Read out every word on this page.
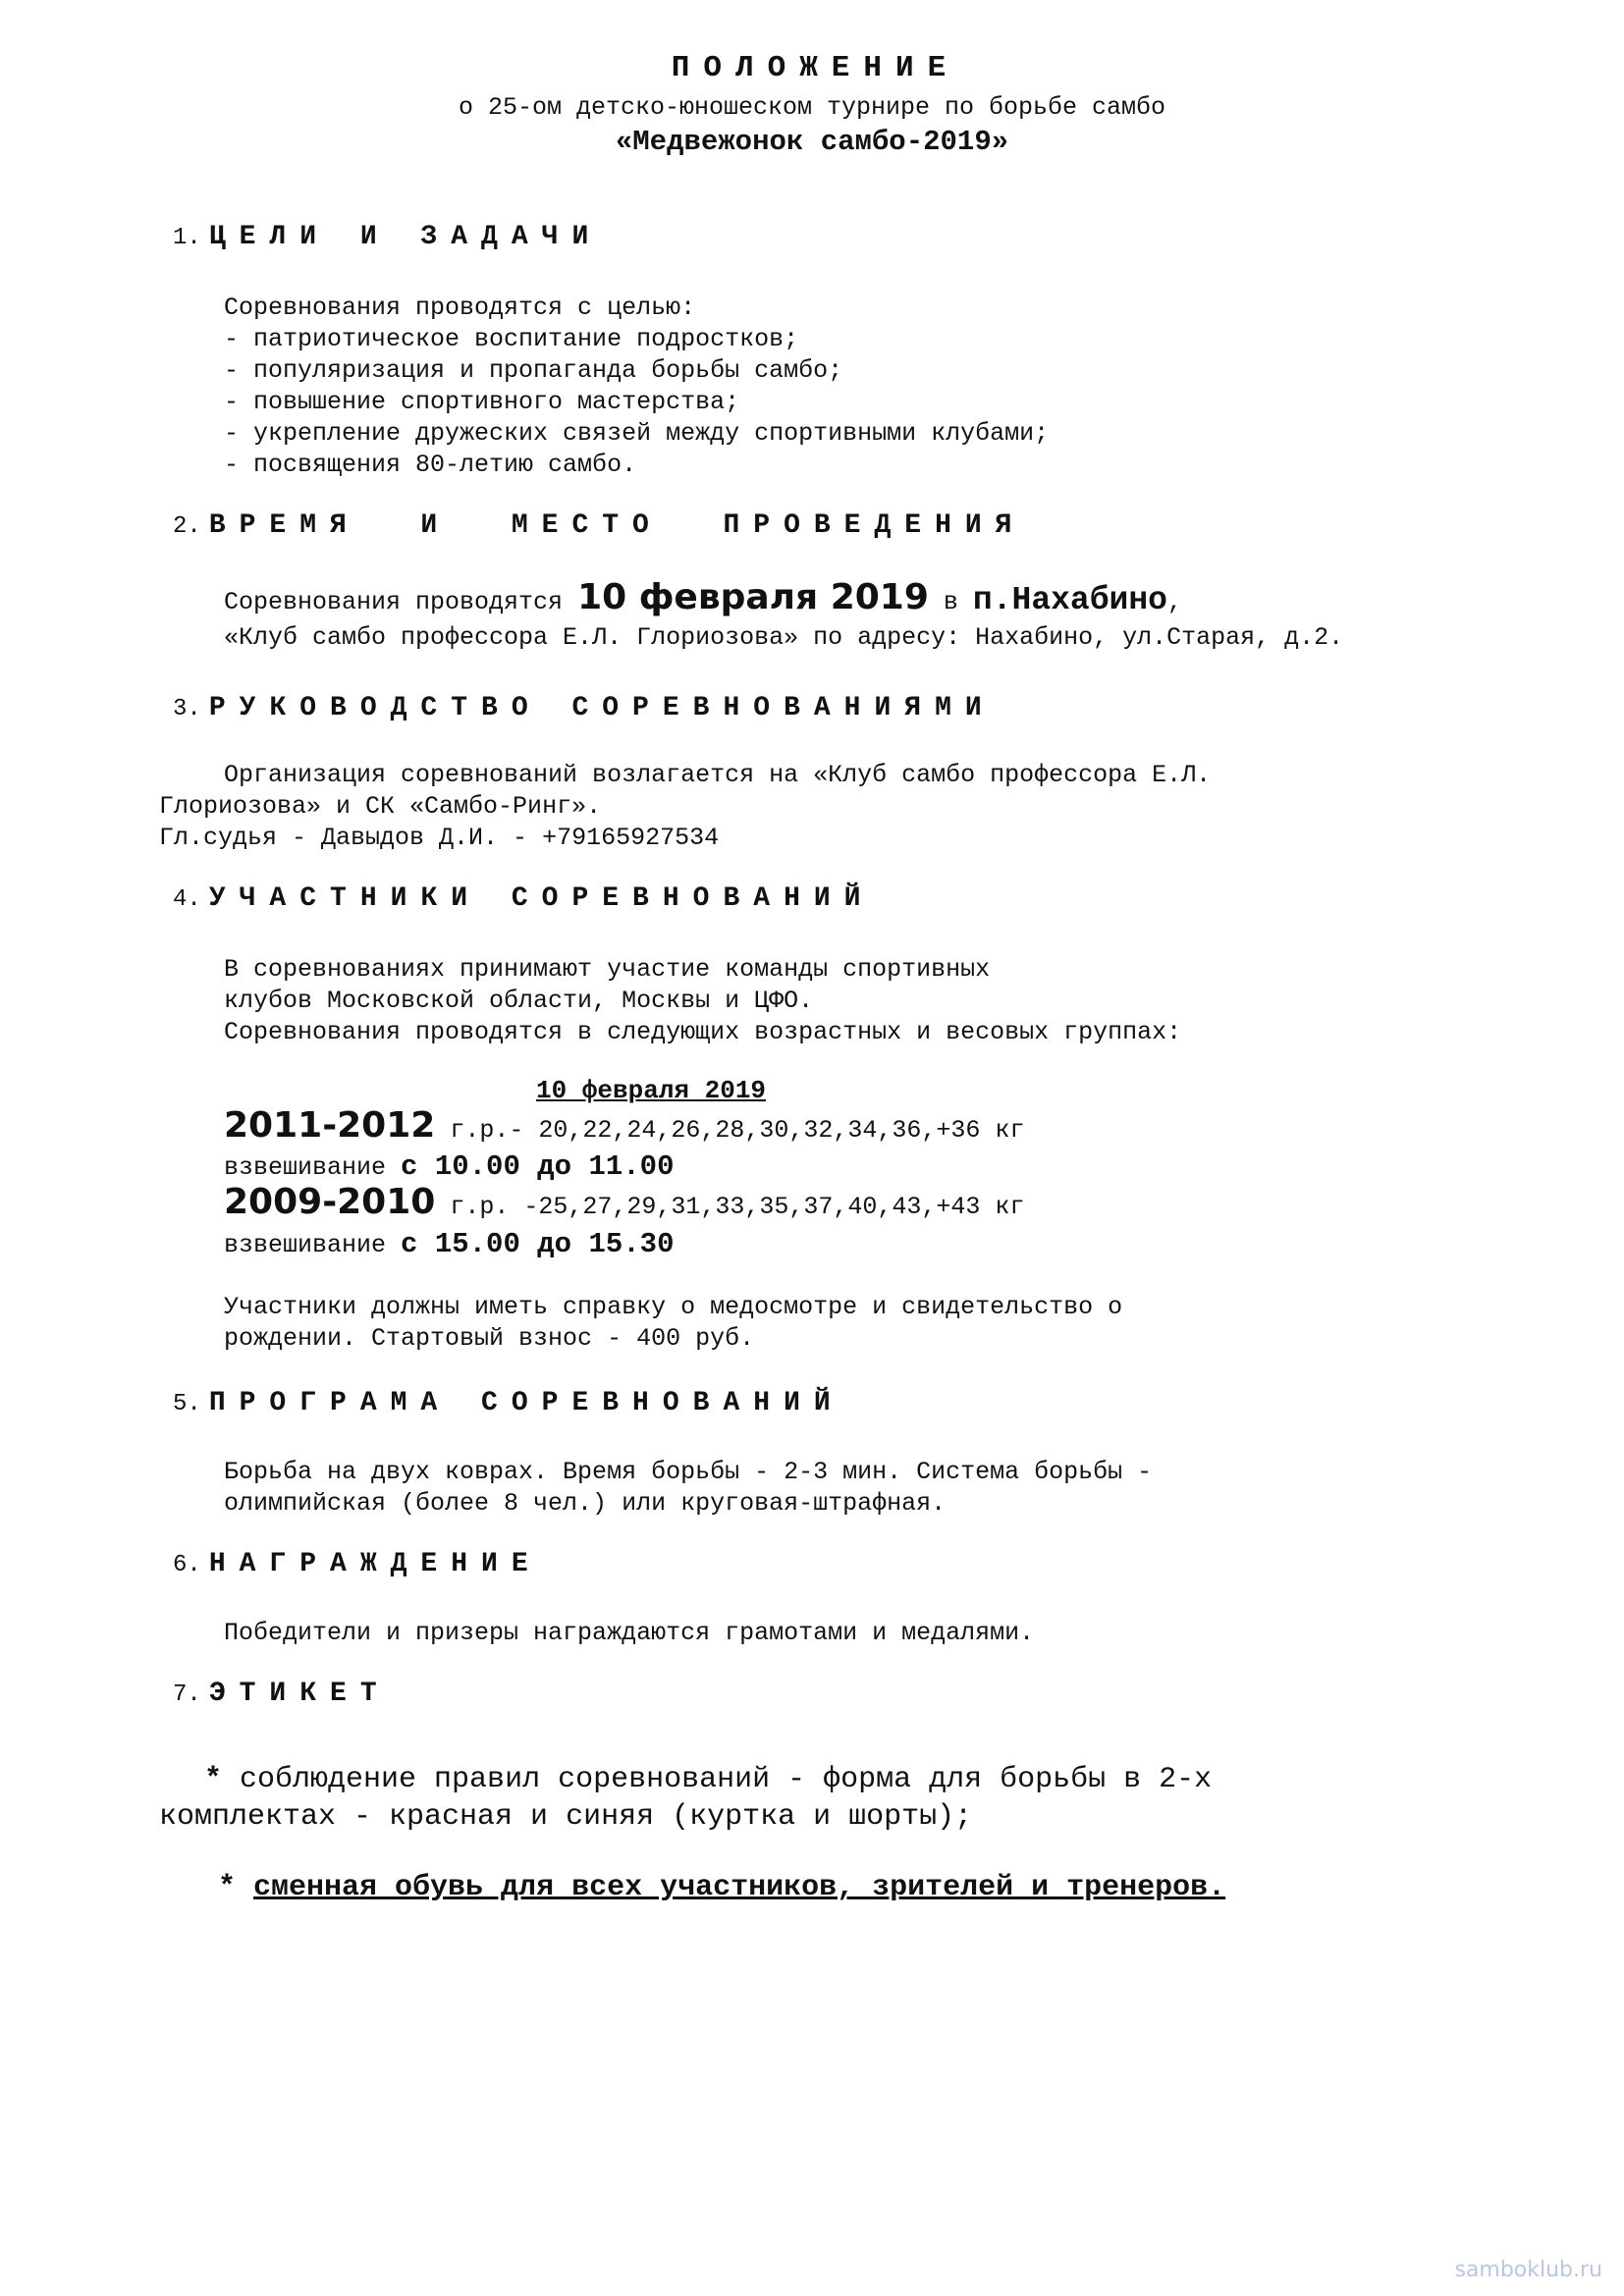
ПОЛОЖЕНИЕ
о 25-ом детско-юношеском турнире по борьбе самбо
«Медвежонок самбо-2019»
1. ЦЕЛИ И ЗАДАЧИ
Соревнования проводятся с целью:
- патриотическое воспитание подростков;
- популяризация и пропаганда борьбы самбо;
- повышение спортивного мастерства;
- укрепление дружеских связей между спортивными клубами;
- посвящения 80-летию самбо.
2. ВРЕМЯ  И  МЕСТО  ПРОВЕДЕНИЯ
Соревнования проводятся 10 февраля 2019 в п.Нахабино ,
«Клуб самбо профессора Е.Л. Глориозова» по адресу: Нахабино, ул.Старая, д.2.
3. РУКОВОДСТВО СОРЕВНОВАНИЯМИ
Организация соревнований возлагается на «Клуб самбо профессора Е.Л.
Глориозова» и СК «Самбо-Ринг».
Гл.судья - Давыдов Д.И. - +79165927534
4. УЧАСТНИКИ СОРЕВНОВАНИЙ
В соревнованиях принимают участие команды спортивных
клубов Московской области, Москвы и ЦФО.
Соревнования проводятся в следующих возрастных и весовых группах:
10 февраля 2019
2011-2012 г.р.- 20,22,24,26,28,30,32,34,36,+36 кг
взвешивание с 10.00 до 11.00
2009-2010 г.р. -25,27,29,31,33,35,37,40,43,+43 кг
взвешивание с 15.00 до 15.30
Участники должны иметь справку о медосмотре и свидетельство о
рождении. Стартовый взнос - 400 руб.
5. ПРОГРАМА СОРЕВНОВАНИЙ
Борьба на двух коврах. Время борьбы - 2-3 мин. Система борьбы -
олимпийская (более 8 чел.) или круговая-штрафная.
6. НАГРАЖДЕНИЕ
Победители и призеры награждаются грамотами и медалями.
7. ЭТИКЕТ
* соблюдение правил соревнований - форма для борьбы в 2-х
комплектах - красная и синяя (куртка и шорты);
* сменная обувь для всех участников, зрителей и тренеров.
samboklub.ru
